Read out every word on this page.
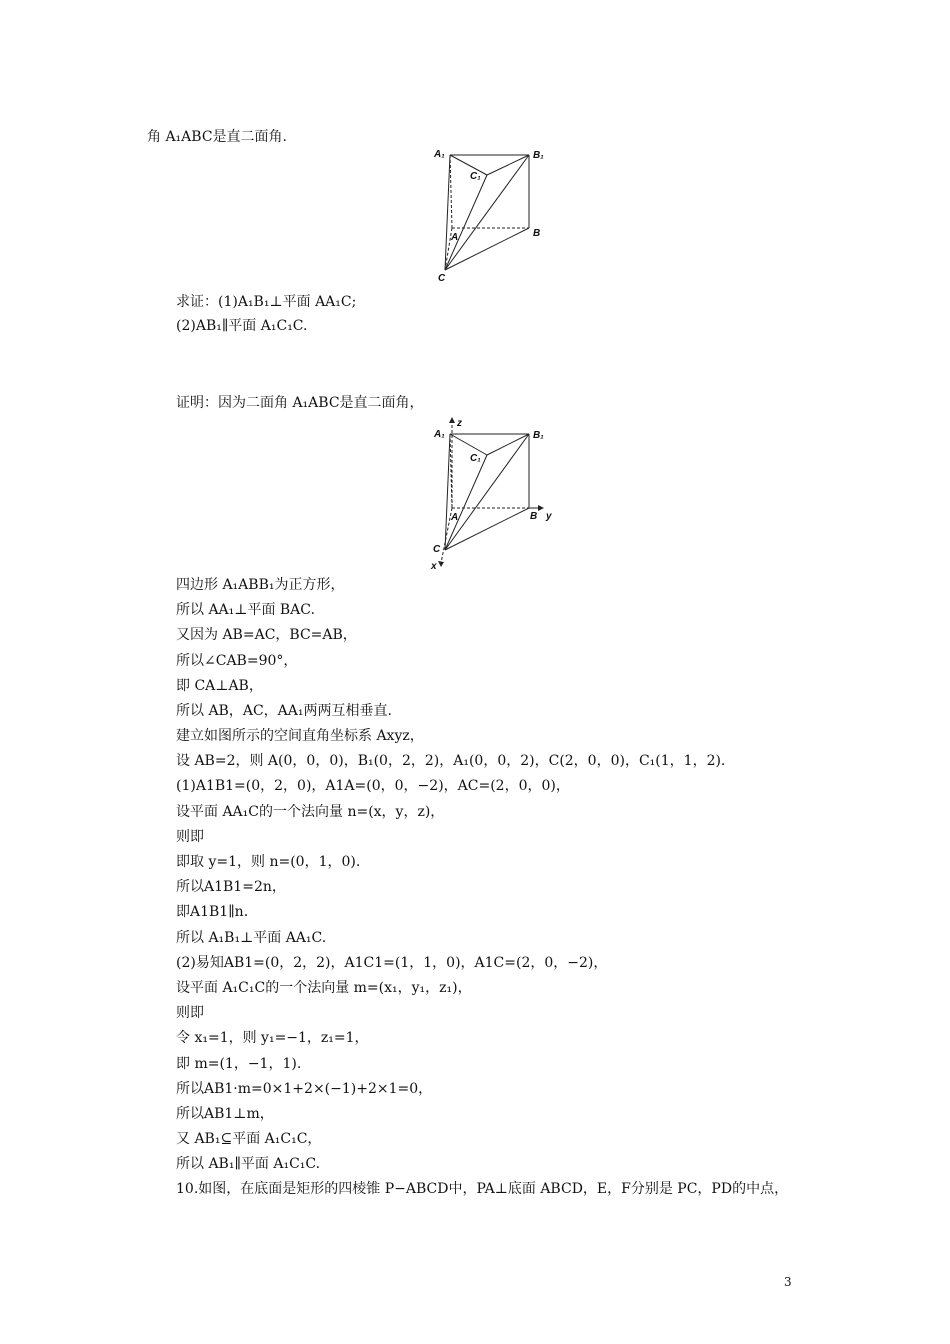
角 A₁ABC是直二面角.
求证：(1)A₁B₁⊥平面 AA₁C;
(2)AB₁∥平面 A₁C₁C.
证明：因为二面角 A₁ABC是直二面角，
四边形 A₁ABB₁为正方形，
所以 AA₁⊥平面 BAC.
又因为 AB=AC，BC=AB，
所以∠CAB=90°，
即 CA⊥AB，
所以 AB，AC，AA₁两两互相垂直.
建立如图所示的空间直角坐标系 Axyz，
设 AB=2，则 A(0，0，0)，B₁(0，2，2)，A₁(0，0，2)，C(2，0，0)，C₁(1，1，2).
(1)A1B1=(0，2，0)，A1A=(0，0，−2)，AC=(2，0，0)，
设平面 AA₁C的一个法向量 n=(x，y，z)，
则即
即取 y=1，则 n=(0，1，0).
所以A1B1=2n，
即A1B1∥n.
所以 A₁B₁⊥平面 AA₁C.
(2)易知AB1=(0，2，2)，A1C1=(1，1，0)，A1C=(2，0，−2)，
设平面 A₁C₁C的一个法向量 m=(x₁，y₁，z₁)，
则即
令 x₁=1，则 y₁=−1，z₁=1，
即 m=(1，−1，1).
所以AB1·m=0×1+2×(−1)+2×1=0，
所以AB1⊥m，
又 AB₁⊆平面 A₁C₁C，
所以 AB₁∥平面 A₁C₁C.
10.如图，在底面是矩形的四棱锥 P−ABCD中，PA⊥底面 ABCD，E，F分别是 PC，PD的中点，
A₁	B₁
C₁
A	B
C
A₁	B₁
C₁
A	B
C
x
y
z
3
